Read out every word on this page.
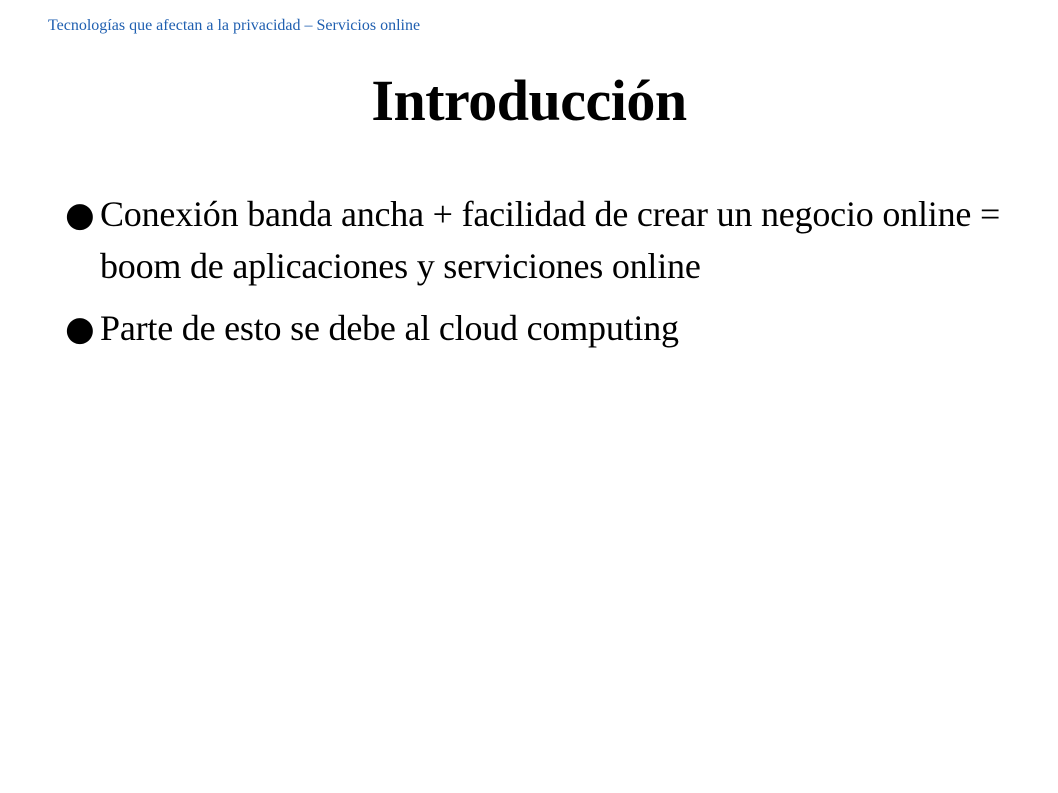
Tecnologías que afectan a la privacidad – Servicios online
Introducción
● Conexión banda ancha + facilidad de crear un negocio online = boom de aplicaciones y serviciones online
● Parte de esto se debe al cloud computing
